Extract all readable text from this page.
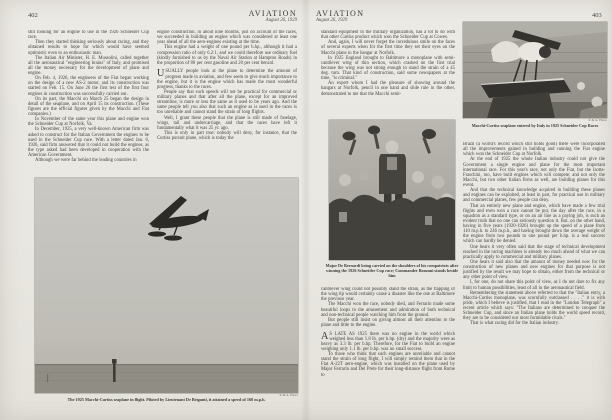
402	AVIATION
August 26, 1929

still looking for an engine to use in the 1926 Schneider Cup race.

Then they started thinking seriously about racing, and they obtained results to hope for which would have seemed optimistic even to an enthusiastic man.

The Italian Air Minister, H. E. Mussolini, called together all the aeronautical "engineering brains" of Italy, and promised all the money necessary for the development of plane and engine.

On Feb. 4, 1926, the engineers of the Fiat began working on the design of a new AS-2 motor, and its construction was started on Feb. 15. On June 26 the first test of the first four engines in construction was successfully carried out.

On its part, the Macchi on March 25 began the design in detail of the seaplane, and on April 15 its construction. (These figures are the official figures given by the Macchi and Fiat companies.)

In November of the same year this plane and engine won the Schneider Cup at Norfolk, Va.

In December, 1925, a very well-known American firm was asked to construct for the Italian Government the engines to be used in the Schneider Cup race. With a letter dated Jan. 6, 1926, said firm answered that it could not build the engines, as the type asked had been developed in cooperation with the American Government.

Although we were far behind the leading countries in

engine construction, in about nine months, just on account of the races, we succeeded in building an engine which was considered at least one year ahead of all the aero-engines existing at the time.

This engine had a weight of one pound per b.hp., although it had a compression ratio of only 6.2:1, and we could therefore use ordinary fuel (kindly furnished to us by the Naval Air Station at Hampton Roads) in the proportion of 80 per cent gasoline and 20 per cent benzol.

USUALLY people look at the plane to determine the amount of progress made in aviation, and few seem to give much importance to the engine, but it is the engine which has made the most wonderful progress, thanks to the races.

People say that such speeds will not be practical for commercial or military planes and that after all the plane, except for an improved streamline, is more or less the same as it used to be years ago. And the same people tell you also that such an engine as is used in the races is too unreliable and cannot stand the strain of long flights.

Well, I grant these people that the plane is still made of fuselage, wings, tail and undercarriage, and that the races have left it fundamentally what it was 25 yr. ago.

This is only in part true: nobody will deny, for instance, that the Curtiss pursuit plane, which is today the

P. & A. Photo
The 1925 Macchi-Curtiss seaplane in flight. Piloted by Lieutenant De Briganti, it attained a speed of 168 m.p.h.
AVIATION
August 26, 1929
403

standard equipment in the military organization, has a lot to do with that other Curtiss product which won the Schneider Cup at Cowes.

And, again, I will never forget the incredulous smile on the faces of several experts when for the first time they set their eyes on the Macchi plane in the hangar at Norfolk.

In 1925 England brought to Baltimore a monoplane with semi-cantilever wing of thin section, which crashed on the first trial because the wing was not strong enough to stand the strain of a 45 deg. turn. That kind of construction, said some newspapers at the time, "is criminal."

An expert whom I had the pleasure of showing around the hangars at Norfolk, pencil in one hand and slide rule in the other, demonstrated to me that the Macchi semi-

P. & A. Photo
Macchi-Curtiss seaplane entered by Italy in 1925 Schneider Cup Races
Major De Bernardi being carried on the shoulders of his compatriots after winning the 1926 Schneider Cup race; Commander Bonzani stands beside him

cantilever wing could not possibly stand the strain, as the flapping of the wing tip would certainly cause a disaster like the one at Baltimore the previous year.

The Macchi won the race, nobody died, and Ferrarin made some beautiful loops to the amusement and admiration of both technical and non-technical people watching him from the ground.

But people still insist on giving almost all their attention to the plane and little to the engine.

A S LATE AS 1925 there was no engine in the world which weighed less than 1.8 lb. per b.hp. (dry) and the majority were as heavy as 3.3 lb. per b.hp. Therefore, for the Fiat to build an engine weighing only 1.1 lb. per b.hp. was no small success.

To those who think that such engines are unreliable and cannot stand the strain of long flight, I will simply remind them that in the Fiat A-22T aero-engine, which was installed on the plane used by Major Ferrarin and Del Prete for their long-distance flight from Rome to

Brazil (a world's record which still holds good) there were incorporated all the improvements gained in building and running the Fiat engine which won the Schneider Cup at Norfolk.

At the end of 1925 the whole Italian industry could not give the Government a single engine and plane for the most important international race. For this year's race, not only the Fiat, but the Isotta-Fraschini, too, have built engines which will compete; and not only the Macchi, but two other Italian firms as well, are building planes for this event.

And that the technical knowledge acquired in building these planes and engines can be exploited, at least in part, for practical use in military and commercial planes, few people can deny.

That an entirely new plane and engine, which have made a few trial flights and even won a race cannot be put, the day after the race, in a squadron as a standard type, or on an air line as a paying job, is such an evident truth that no one can seriously question it. But, on the other hand, having in five years (1920-1926) brought up the speed of a plane from 110 m.p.h. to 246 m.p.h., and having brought down the average weight of the engine from two pounds to one pound per b.hp. is a real success which can hardly be denied.

One hears it very often said that the stage of technical development reached in the racing machines is already too much ahead of what we can practically apply to commercial and military planes.

One hears it said also that the amount of money needed now for the construction of new planes and new engines for that purpose is not justified by the result we may hope to obtain, either from the technical or any other point of view.

I, for one, do not share this point of view, as I do not dare to fix any limit to human possibilities, least of all in the aeronautical field.

Remembering the statement above referred to that the "Italian entry, a Macchi-Curtiss monoplane, was scornfully outclassed . . . ." it is with pride, which I believe is justified, that I read in the "London Telegraph" a recent article which says: "The Italians are determined to conquer the Schneider Cup, and since an Italian plane holds the world speed record, they are to be considered our most formidable rivals."

That is what racing did for the Italian industry.
